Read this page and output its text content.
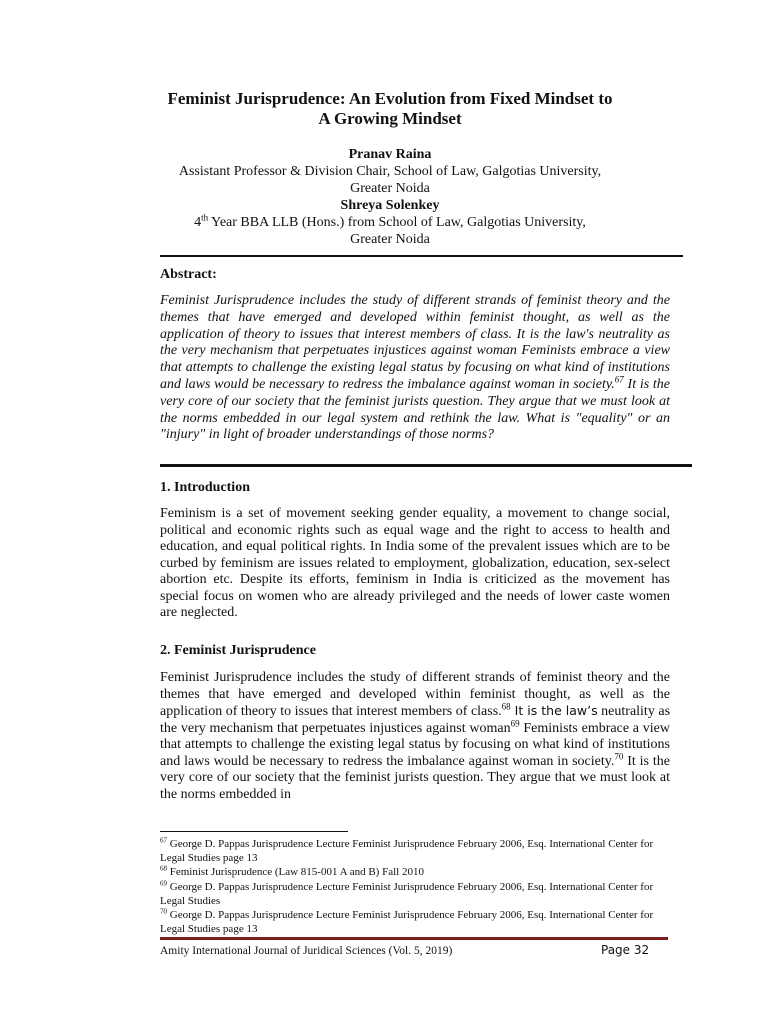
Feminist Jurisprudence: An Evolution from Fixed Mindset to
A Growing Mindset
Pranav Raina
Assistant Professor & Division Chair, School of Law, Galgotias University,
Greater Noida
Shreya Solenkey
4th Year BBA LLB (Hons.) from School of Law, Galgotias University,
Greater Noida
Abstract:
Feminist Jurisprudence includes the study of different strands of feminist theory and the themes that have emerged and developed within feminist thought, as well as the application of theory to issues that interest members of class. It is the law's neutrality as the very mechanism that perpetuates injustices against woman Feminists embrace a view that attempts to challenge the existing legal status by focusing on what kind of institutions and laws would be necessary to redress the imbalance against woman in society.$^{67}$ It is the very core of our society that the feminist jurists question. They argue that we must look at the norms embedded in our legal system and rethink the law. What is "equality" or an "injury" in light of broader understandings of those norms?
1. Introduction
Feminism is a set of movement seeking gender equality, a movement to change social, political and economic rights such as equal wage and the right to access to health and education, and equal political rights. In India some of the prevalent issues which are to be curbed by feminism are issues related to employment, globalization, education, sex-select abortion etc. Despite its efforts, feminism in India is criticized as the movement has special focus on women who are already privileged and the needs of lower caste women are neglected.
2. Feminist Jurisprudence
Feminist Jurisprudence includes the study of different strands of feminist theory and the themes that have emerged and developed within feminist thought, as well as the application of theory to issues that interest members of class.$^{68}$ It is the law’s neutrality as the very mechanism that perpetuates injustices against woman$^{69}$ Feminists embrace a view that attempts to challenge the existing legal status by focusing on what kind of institutions and laws would be necessary to redress the imbalance against woman in society.$^{70}$ It is the very core of our society that the feminist jurists question. They argue that we must look at the norms embedded in

$^{67}$ George D. Pappas Jurisprudence Lecture Feminist Jurisprudence February 2006, Esq. International Center for Legal Studies page 13

$^{68}$ Feminist Jurisprudence (Law 815-001 A and B) Fall 2010

$^{69}$ George D. Pappas Jurisprudence Lecture Feminist Jurisprudence February 2006, Esq. International Center for Legal Studies

$^{70}$ George D. Pappas Jurisprudence Lecture Feminist Jurisprudence February 2006, Esq. International Center for Legal Studies page 13

Amity International Journal of Juridical Sciences (Vol. 5, 2019)	Page 32
